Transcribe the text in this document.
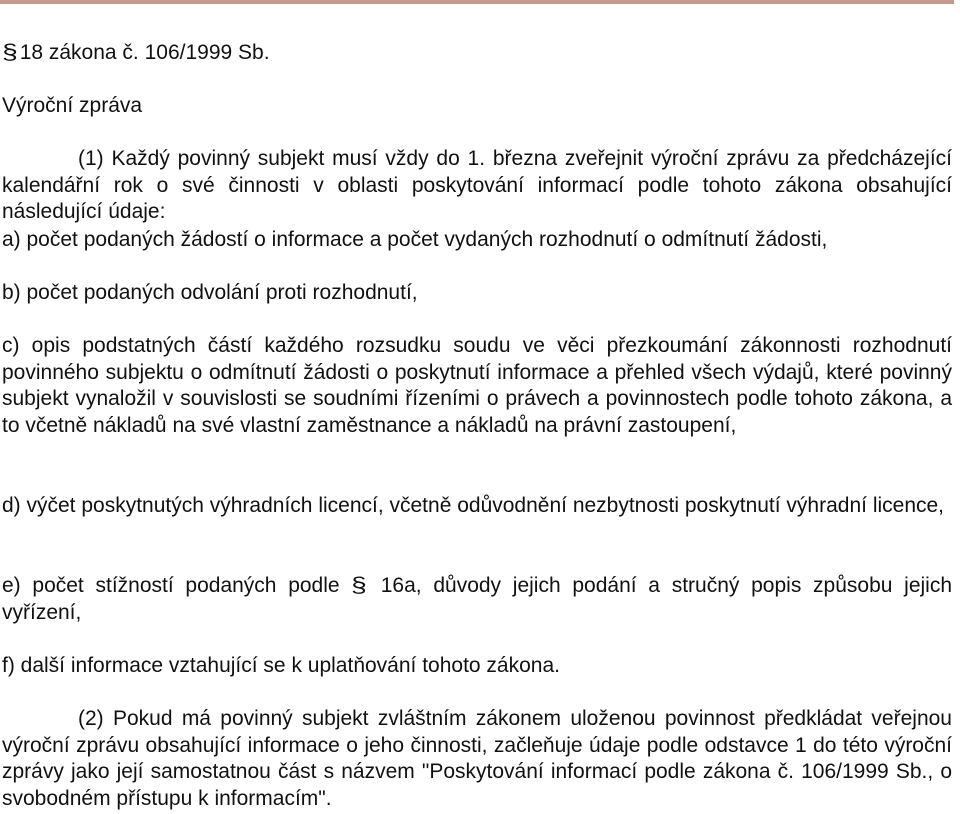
§18 zákona č. 106/1999 Sb.
Výroční zpráva
(1) Každý povinný subjekt musí vždy do 1. března zveřejnit výroční zprávu za předcházející kalendářní rok o své činnosti v oblasti poskytování informací podle tohoto zákona obsahující následující údaje:
a) počet podaných žádostí o informace a počet vydaných rozhodnutí o odmítnutí žádosti,
b) počet podaných odvolání proti rozhodnutí,
c) opis podstatných částí každého rozsudku soudu ve věci přezkoumání zákonnosti rozhodnutí povinného subjektu o odmítnutí žádosti o poskytnutí informace a přehled všech výdajů, které povinný subjekt vynaložil v souvislosti se soudními řízeními o právech a povinnostech podle tohoto zákona, a to včetně nákladů na své vlastní zaměstnance a nákladů na právní zastoupení,
d) výčet poskytnutých výhradních licencí, včetně odůvodnění nezbytnosti poskytnutí výhradní licence,
e) počet stížností podaných podle § 16a, důvody jejich podání a stručný popis způsobu jejich vyřízení,
f) další informace vztahující se k uplatňování tohoto zákona.
(2) Pokud má povinný subjekt zvláštním zákonem uloženou povinnost předkládat veřejnou výroční zprávu obsahující informace o jeho činnosti, začleňuje údaje podle odstavce 1 do této výroční zprávy jako její samostatnou část s názvem "Poskytování informací podle zákona č. 106/1999 Sb., o svobodném přístupu k informacím".
